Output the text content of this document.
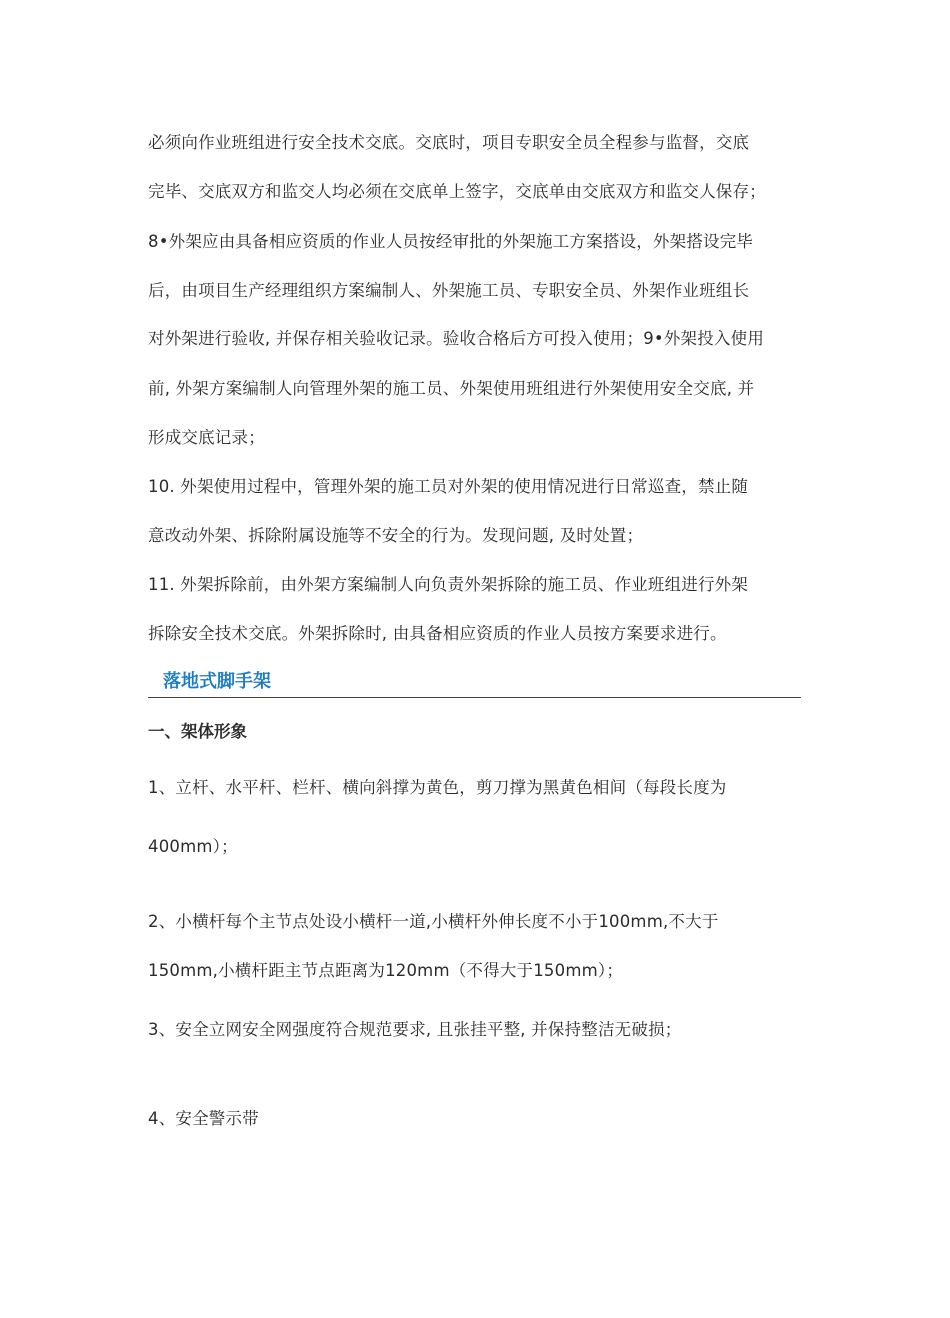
必须向作业班组进行安全技术交底。交底时，项目专职安全员全程参与监督，交底
完毕、交底双方和监交人均必须在交底单上签字，交底单由交底双方和监交人保存；
8•外架应由具备相应资质的作业人员按经审批的外架施工方案搭设，外架搭设完毕
后，由项目生产经理组织方案编制人、外架施工员、专职安全员、外架作业班组长
对外架进行验收, 并保存相关验收记录。验收合格后方可投入使用；9•外架投入使用
前, 外架方案编制人向管理外架的施工员、外架使用班组进行外架使用安全交底, 并
形成交底记录；
10. 外架使用过程中，管理外架的施工员对外架的使用情况进行日常巡查，禁止随
意改动外架、拆除附属设施等不安全的行为。发现问题, 及时处置；
11. 外架拆除前，由外架方案编制人向负责外架拆除的施工员、作业班组进行外架
拆除安全技术交底。外架拆除时, 由具备相应资质的作业人员按方案要求进行。
落地式脚手架
一、架体形象
1、立杆、水平杆、栏杆、横向斜撑为黄色，剪刀撑为黑黄色相间（每段长度为
400mm）；
2、小横杆每个主节点处设小横杆一道,小横杆外伸长度不小于100mm,不大于
150mm,小横杆距主节点距离为120mm（不得大于150mm）；
3、安全立网安全网强度符合规范要求, 且张挂平整, 并保持整洁无破损；
4、安全警示带
